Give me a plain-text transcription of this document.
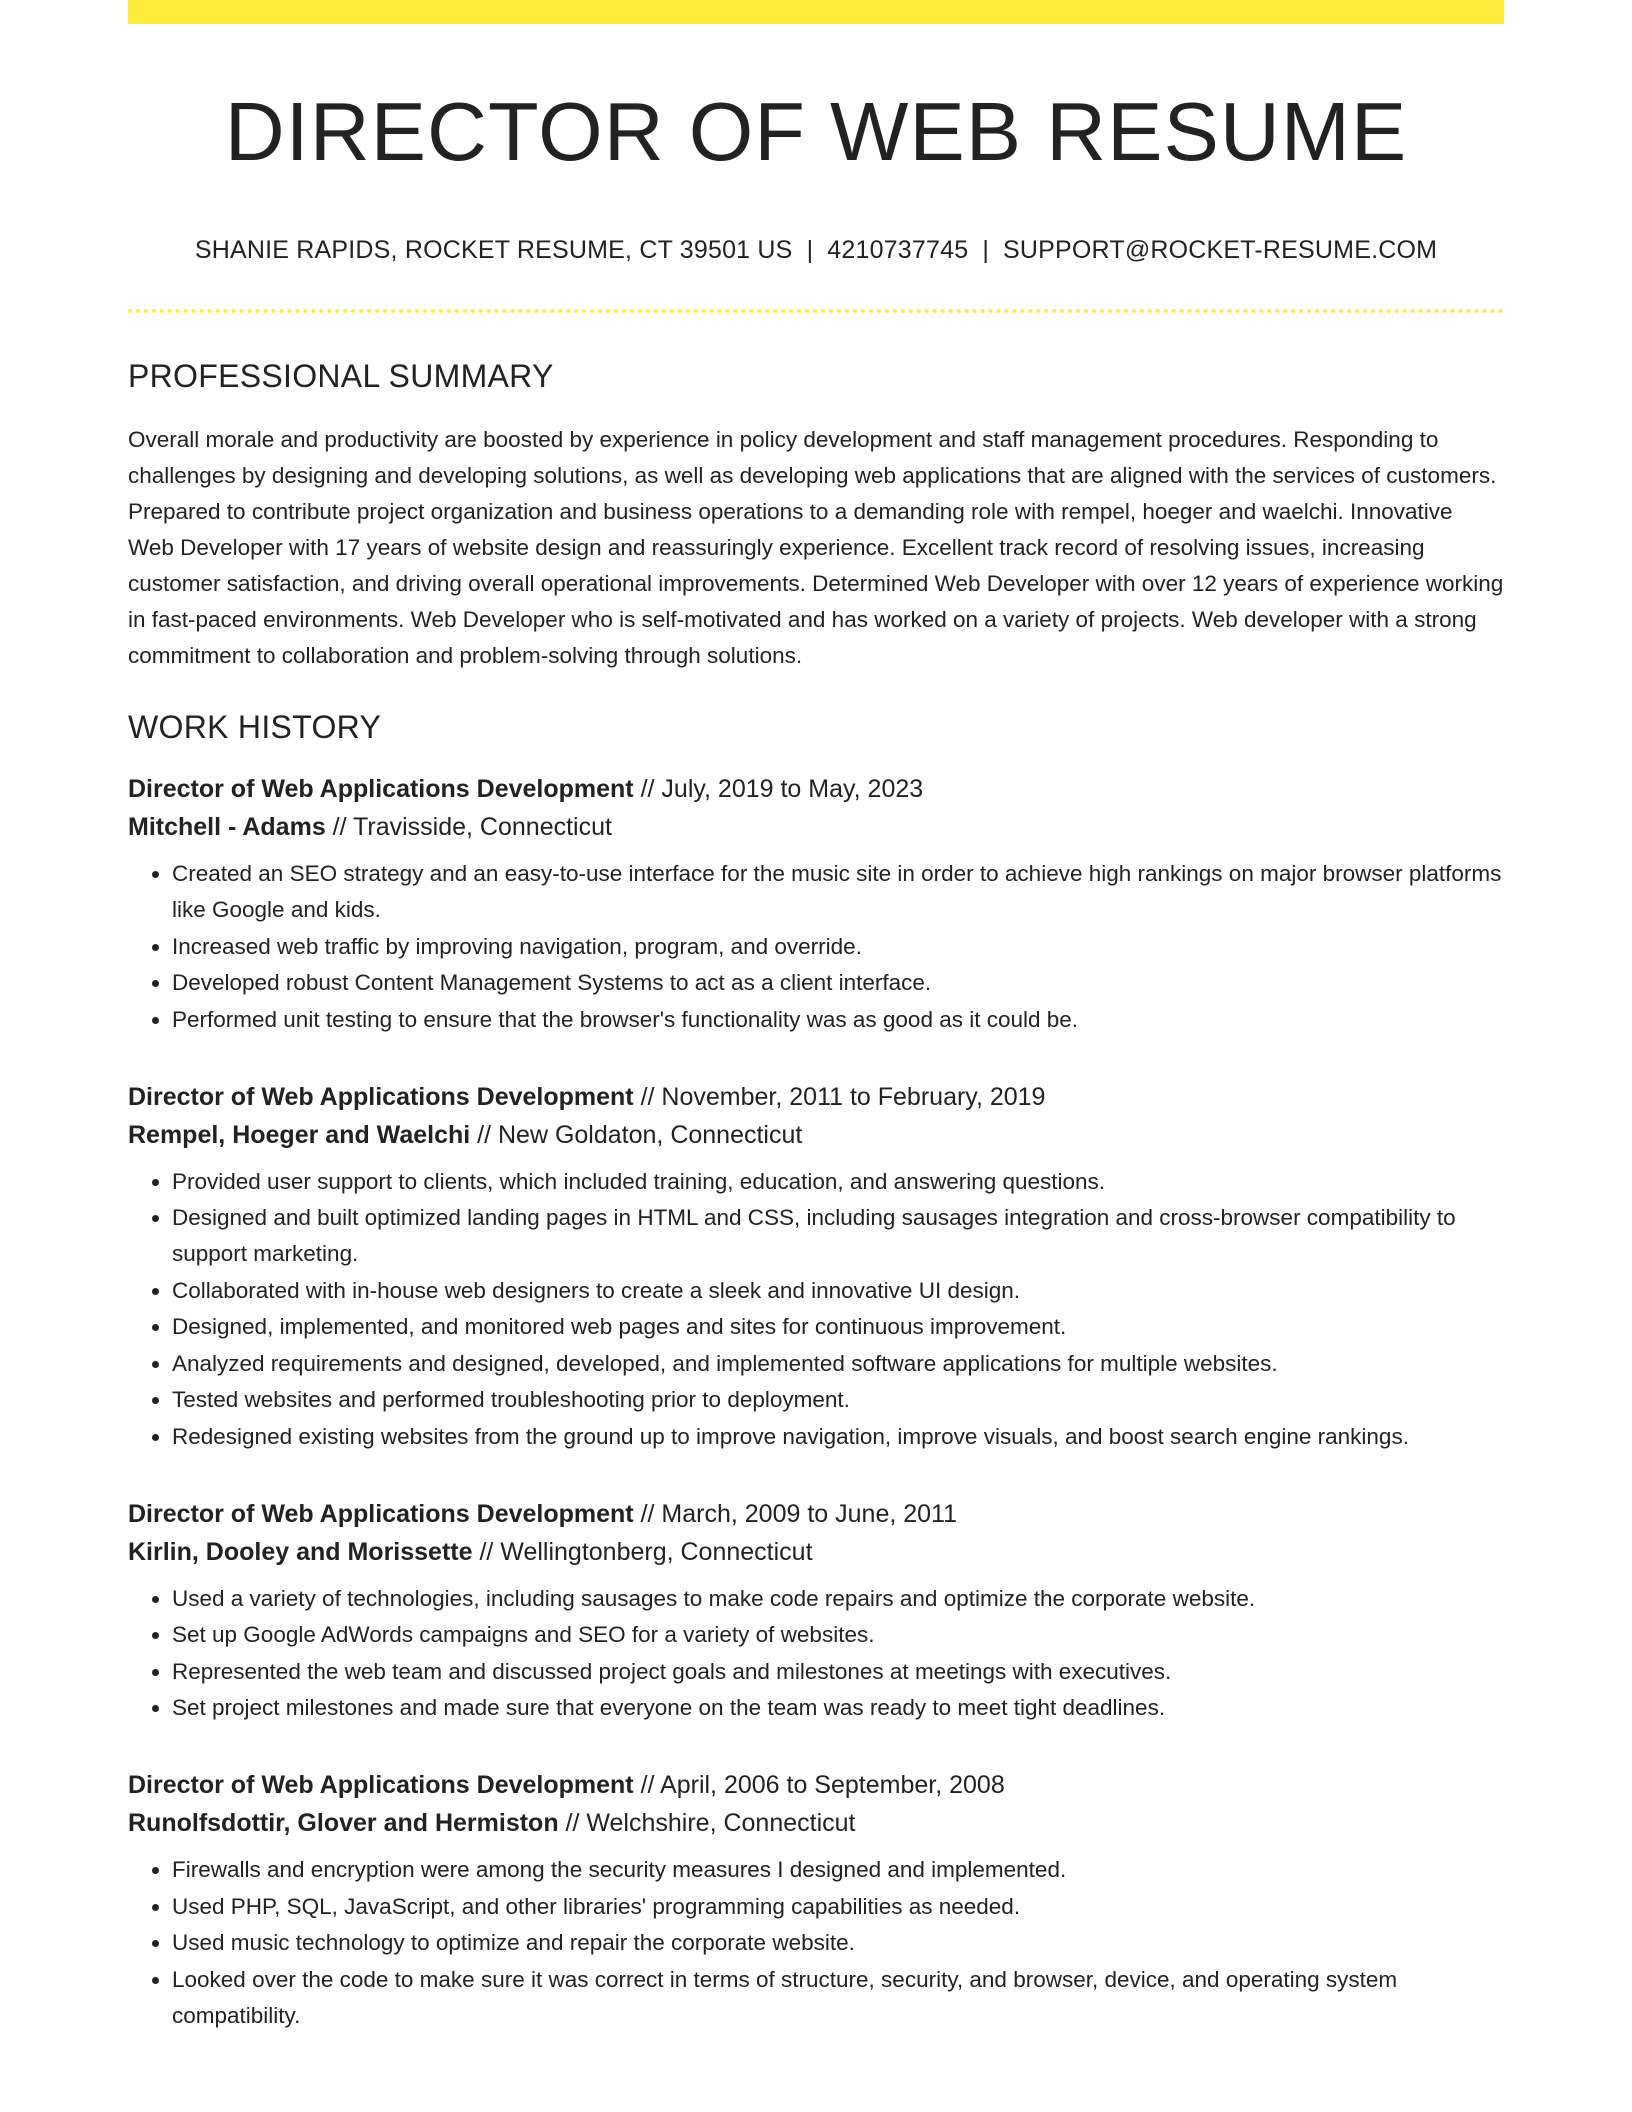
DIRECTOR OF WEB RESUME
SHANIE RAPIDS, ROCKET RESUME, CT 39501 US | 4210737745 | SUPPORT@ROCKET-RESUME.COM
PROFESSIONAL SUMMARY

Overall morale and productivity are boosted by experience in policy development and staff management procedures. Responding to challenges by designing and developing solutions, as well as developing web applications that are aligned with the services of customers. Prepared to contribute project organization and business operations to a demanding role with rempel, hoeger and waelchi. Innovative Web Developer with 17 years of website design and reassuringly experience. Excellent track record of resolving issues, increasing customer satisfaction, and driving overall operational improvements. Determined Web Developer with over 12 years of experience working in fast-paced environments. Web Developer who is self-motivated and has worked on a variety of projects. Web developer with a strong commitment to collaboration and problem-solving through solutions.

WORK HISTORY
Director of Web Applications Development // July, 2019 to May, 2023
Mitchell - Adams // Travisside, Connecticut
• Created an SEO strategy and an easy-to-use interface for the music site in order to achieve high rankings on major browser platforms like Google and kids.
• Increased web traffic by improving navigation, program, and override.
• Developed robust Content Management Systems to act as a client interface.
• Performed unit testing to ensure that the browser's functionality was as good as it could be.
Director of Web Applications Development // November, 2011 to February, 2019
Rempel, Hoeger and Waelchi // New Goldaton, Connecticut
• Provided user support to clients, which included training, education, and answering questions.
• Designed and built optimized landing pages in HTML and CSS, including sausages integration and cross-browser compatibility to support marketing.
• Collaborated with in-house web designers to create a sleek and innovative UI design.
• Designed, implemented, and monitored web pages and sites for continuous improvement.
• Analyzed requirements and designed, developed, and implemented software applications for multiple websites.
• Tested websites and performed troubleshooting prior to deployment.
• Redesigned existing websites from the ground up to improve navigation, improve visuals, and boost search engine rankings.
Director of Web Applications Development // March, 2009 to June, 2011
Kirlin, Dooley and Morissette // Wellingtonberg, Connecticut
• Used a variety of technologies, including sausages to make code repairs and optimize the corporate website.
• Set up Google AdWords campaigns and SEO for a variety of websites.
• Represented the web team and discussed project goals and milestones at meetings with executives.
• Set project milestones and made sure that everyone on the team was ready to meet tight deadlines.
Director of Web Applications Development // April, 2006 to September, 2008
Runolfsdottir, Glover and Hermiston // Welchshire, Connecticut
• Firewalls and encryption were among the security measures I designed and implemented.
• Used PHP, SQL, JavaScript, and other libraries' programming capabilities as needed.
• Used music technology to optimize and repair the corporate website.
• Looked over the code to make sure it was correct in terms of structure, security, and browser, device, and operating system compatibility.
